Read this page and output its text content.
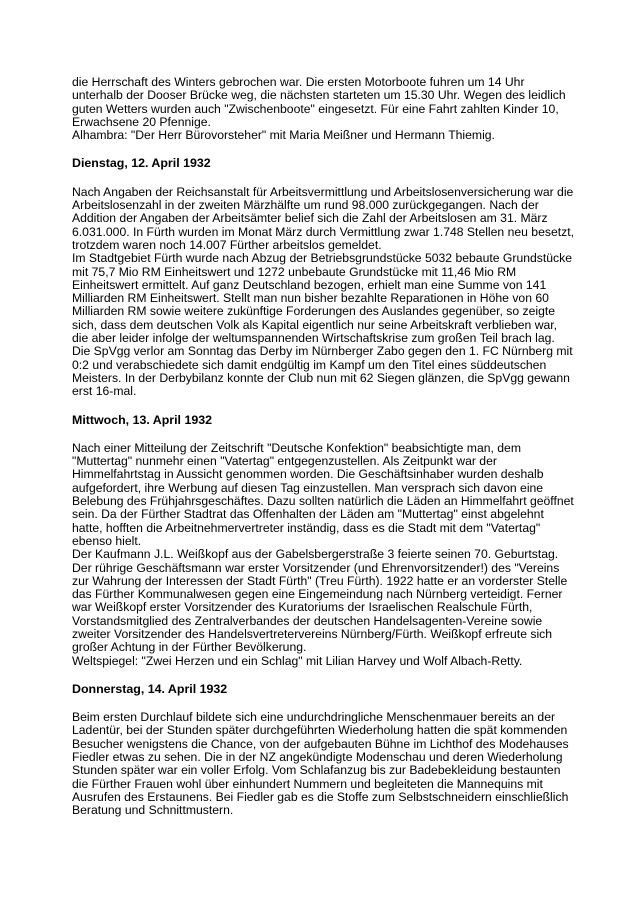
die Herrschaft des Winters gebrochen war. Die ersten Motorboote fuhren um 14 Uhr
unterhalb der Dooser Brücke weg, die nächsten starteten um 15.30 Uhr. Wegen des leidlich
guten Wetters wurden auch "Zwischenboote" eingesetzt. Für eine Fahrt zahlten Kinder 10,
Erwachsene 20 Pfennige.
Alhambra: "Der Herr Bürovorsteher" mit Maria Meißner und Hermann Thiemig.
Dienstag, 12. April 1932
Nach Angaben der Reichsanstalt für Arbeitsvermittlung und Arbeitslosenversicherung war die
Arbeitslosenzahl in der zweiten Märzhälfte um rund 98.000 zurückgegangen. Nach der
Addition der Angaben der Arbeitsämter belief sich die Zahl der Arbeitslosen am 31. März
6.031.000. In Fürth wurden im Monat März durch Vermittlung zwar 1.748 Stellen neu besetzt,
trotzdem waren noch 14.007 Fürther arbeitslos gemeldet.
Im Stadtgebiet Fürth wurde nach Abzug der Betriebsgrundstücke 5032 bebaute Grundstücke
mit 75,7 Mio RM Einheitswert und 1272 unbebaute Grundstücke mit 11,46 Mio RM
Einheitswert ermittelt. Auf ganz Deutschland bezogen, erhielt man eine Summe von 141
Milliarden RM Einheitswert. Stellt man nun bisher bezahlte Reparationen in Höhe von 60
Milliarden RM sowie weitere zukünftige Forderungen des Auslandes gegenüber, so zeigte
sich, dass dem deutschen Volk als Kapital eigentlich nur seine Arbeitskraft verblieben war,
die aber leider infolge der weltumspannenden Wirtschaftskrise zum großen Teil brach lag.
Die SpVgg verlor am Sonntag das Derby im Nürnberger Zabo gegen den 1. FC Nürnberg mit
0:2 und verabschiedete sich damit endgültig im Kampf um den Titel eines süddeutschen
Meisters. In der Derbybilanz konnte der Club nun mit 62 Siegen glänzen, die SpVgg gewann
erst 16-mal.
Mittwoch, 13. April 1932
Nach einer Mitteilung der Zeitschrift "Deutsche Konfektion" beabsichtigte man, dem
"Muttertag" nunmehr einen "Vatertag" entgegenzustellen. Als Zeitpunkt war der
Himmelfahrtstag in Aussicht genommen worden. Die Geschäftsinhaber wurden deshalb
aufgefordert, ihre Werbung auf diesen Tag einzustellen. Man versprach sich davon eine
Belebung des Frühjahrsgeschäftes. Dazu sollten natürlich die Läden an Himmelfahrt geöffnet
sein. Da der Fürther Stadtrat das Offenhalten der Läden am "Muttertag" einst abgelehnt
hatte, hofften die Arbeitnehmervertreter inständig, dass es die Stadt mit dem "Vatertag"
ebenso hielt.
Der Kaufmann J.L. Weißkopf aus der Gabelsbergerstraße 3 feierte seinen 70. Geburtstag.
Der rührige Geschäftsmann war erster Vorsitzender (und Ehrenvorsitzender!) des "Vereins
zur Wahrung der Interessen der Stadt Fürth" (Treu Fürth). 1922 hatte er an vorderster Stelle
das Fürther Kommunalwesen gegen eine Eingemeindung nach Nürnberg verteidigt. Ferner
war Weißkopf erster Vorsitzender des Kuratoriums der Israelischen Realschule Fürth,
Vorstandsmitglied des Zentralverbandes der deutschen Handelsagenten-Vereine sowie
zweiter Vorsitzender des Handelsvertretervereins Nürnberg/Fürth. Weißkopf erfreute sich
großer Achtung in der Fürther Bevölkerung.
Weltspiegel: "Zwei Herzen und ein Schlag" mit Lilian Harvey und Wolf Albach-Retty.
Donnerstag, 14. April 1932
Beim ersten Durchlauf bildete sich eine undurchdringliche Menschenmauer bereits an der
Ladentür, bei der Stunden später durchgeführten Wiederholung hatten die spät kommenden
Besucher wenigstens die Chance, von der aufgebauten Bühne im Lichthof des Modehauses
Fiedler etwas zu sehen. Die in der NZ angekündigte Modenschau und deren Wiederholung
Stunden später war ein voller Erfolg. Vom Schlafanzug bis zur Badebekleidung bestaunten
die Fürther Frauen wohl über einhundert Nummern und begleiteten die Mannequins mit
Ausrufen des Erstaunens. Bei Fiedler gab es die Stoffe zum Selbstschneidern einschließlich
Beratung und Schnittmustern.
